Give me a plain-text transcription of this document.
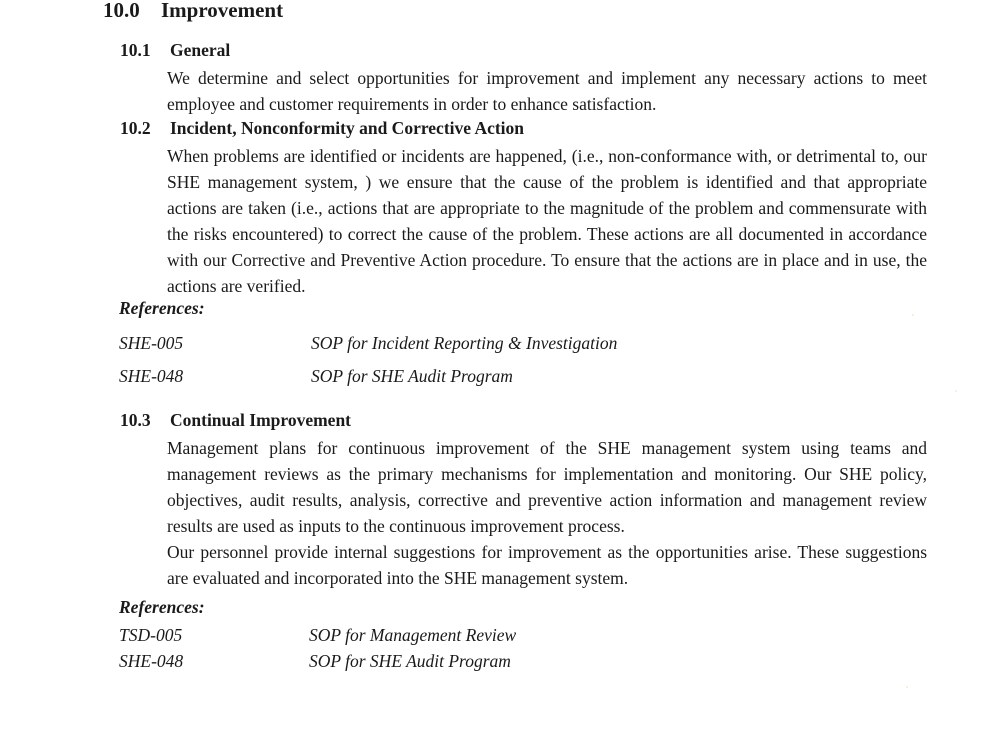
10.0 Improvement
10.1 General

We determine and select opportunities for improvement and implement any necessary actions to meet employee and customer requirements in order to enhance satisfaction.

10.2 Incident, Nonconformity and Corrective Action

When problems are identified or incidents are happened, (i.e., non-conformance with, or detrimental to, our SHE management system, ) we ensure that the cause of the problem is identified and that appropriate actions are taken (i.e., actions that are appropriate to the magnitude of the problem and commensurate with the risks encountered) to correct the cause of the problem. These actions are all documented in accordance with our Corrective and Preventive Action procedure. To ensure that the actions are in place and in use, the actions are verified.

References:
SHE-005	SOP for Incident Reporting & Investigation
SHE-048	SOP for SHE Audit Program
10.3 Continual Improvement

Management plans for continuous improvement of the SHE management system using teams and management reviews as the primary mechanisms for implementation and monitoring. Our SHE policy, objectives, audit results, analysis, corrective and preventive action information and management review results are used as inputs to the continuous improvement process.

Our personnel provide internal suggestions for improvement as the opportunities arise. These suggestions are evaluated and incorporated into the SHE management system.

References:
TSD-005	SOP for Management Review
SHE-048	SOP for SHE Audit Program
